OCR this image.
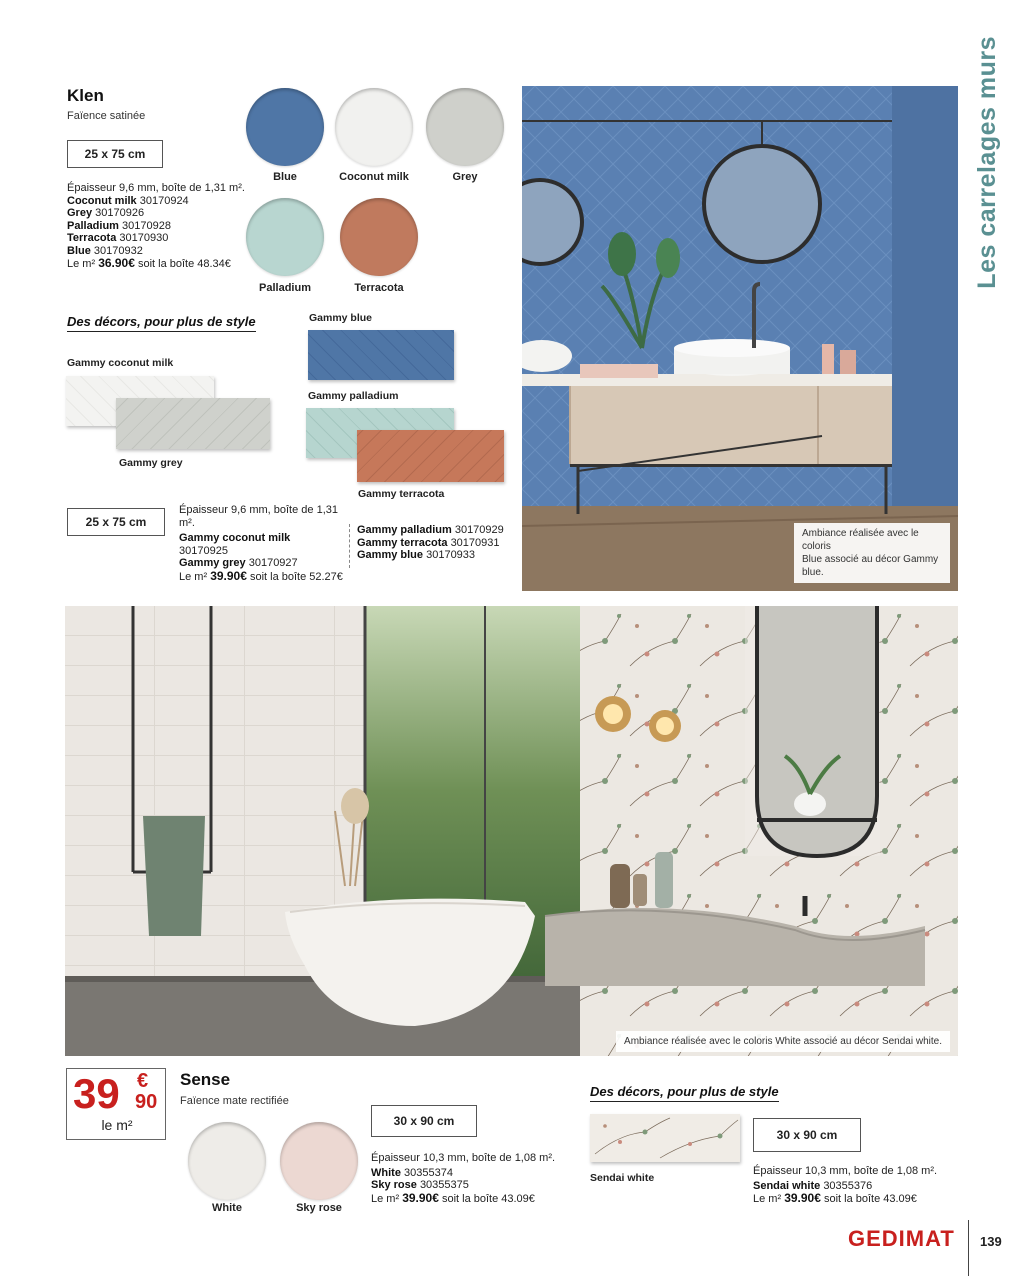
Les carrelages murs
Klen
Faïence satinée
25 x 75 cm
Épaisseur 9,6 mm, boîte de 1,31 m².
Coconut milk 30170924
Grey 30170926
Palladium 30170928
Terracota 30170930
Blue 30170932
Le m² 36.90€ soit la boîte 48.34€
Blue	Coconut milk	Grey
Palladium	Terracota
Des décors, pour plus de style
Gammy coconut milk
Gammy grey
Gammy blue
Gammy palladium
Gammy terracota
25 x 75 cm
Épaisseur 9,6 mm, boîte de 1,31 m².
Gammy coconut milk
30170925
Gammy grey 30170927
Le m² 39.90€ soit la boîte 52.27€
Gammy palladium 30170929
Gammy terracota 30170931
Gammy blue 30170933
Ambiance réalisée avec le coloris
Blue associé au décor Gammy blue.
Ambiance réalisée avec le coloris White associé au décor Sendai white.
39 €
90
le m²
Sense
Faïence mate rectifiée
White	Sky rose
30 x 90 cm
Épaisseur 10,3 mm, boîte de 1,08 m².
White 30355374
Sky rose 30355375
Le m² 39.90€ soit la boîte 43.09€
Des décors, pour plus de style
Sendai white
30 x 90 cm
Épaisseur 10,3 mm, boîte de 1,08 m².
Sendai white 30355376
Le m² 39.90€ soit la boîte 43.09€
GEDIMAT 139
